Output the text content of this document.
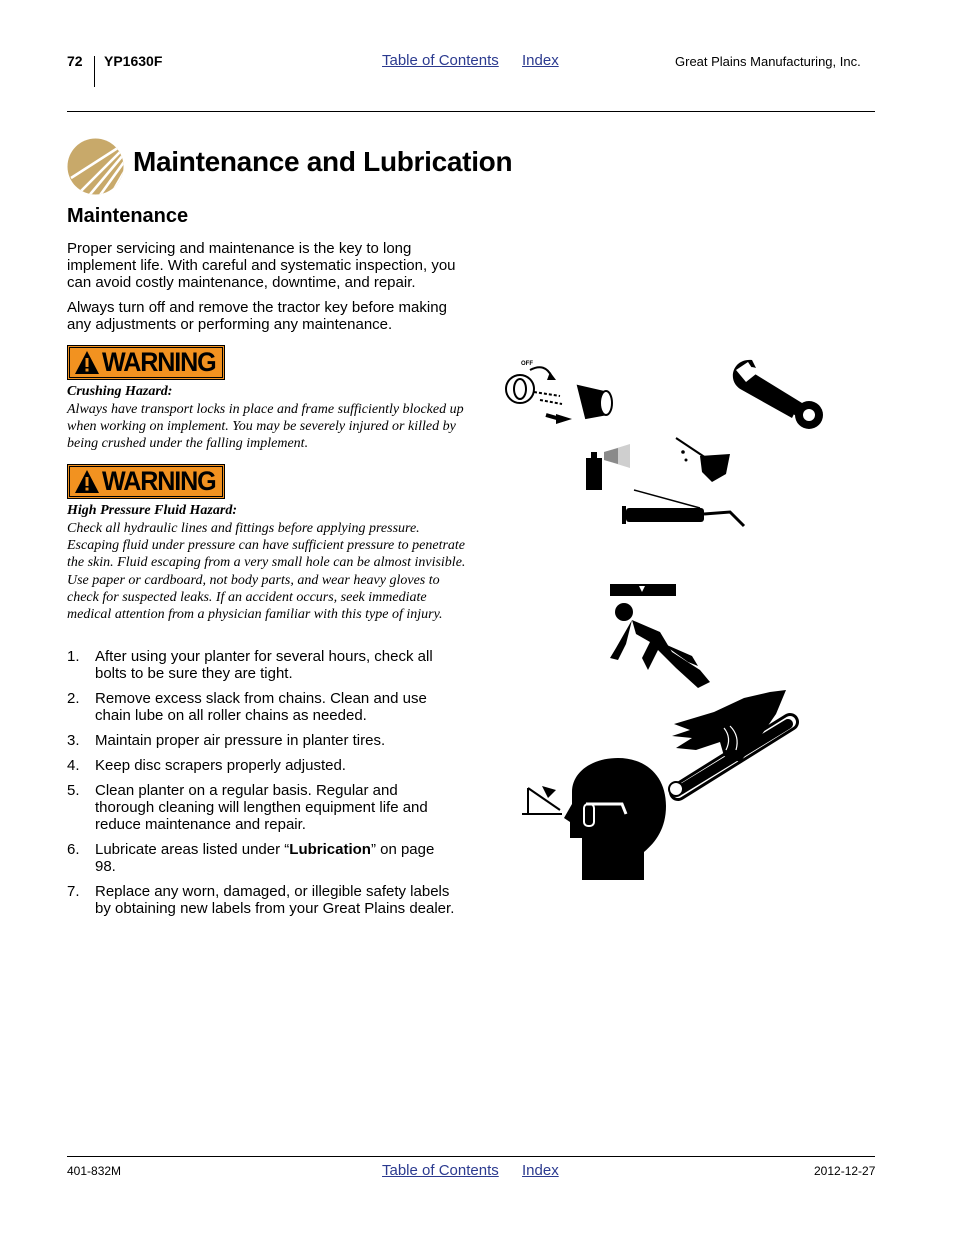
72 YP1630F	Table of Contents Index	Great Plains Manufacturing, Inc.
Maintenance and Lubrication
Maintenance
Proper servicing and maintenance is the key to long implement life. With careful and systematic inspection, you can avoid costly maintenance, downtime, and repair.
Always turn off and remove the tractor key before making any adjustments or performing any maintenance.
WARNING
Crushing Hazard:
Always have transport locks in place and frame sufficiently blocked up when working on implement. You may be severely injured or killed by being crushed under the falling implement.
WARNING
High Pressure Fluid Hazard:
Check all hydraulic lines and fittings before applying pressure. Escaping fluid under pressure can have sufficient pressure to penetrate the skin. Fluid escaping from a very small hole can be almost invisible. Use paper or cardboard, not body parts, and wear heavy gloves to check for suspected leaks. If an accident occurs, seek immediate medical attention from a physician familiar with this type of injury.
1. After using your planter for several hours, check all bolts to be sure they are tight.
2. Remove excess slack from chains. Clean and use chain lube on all roller chains as needed.
3. Maintain proper air pressure in planter tires.
4. Keep disc scrapers properly adjusted.
5. Clean planter on a regular basis. Regular and thorough cleaning will lengthen equipment life and reduce maintenance and repair.
6. Lubricate areas listed under “Lubrication” on page 98.
7. Replace any worn, damaged, or illegible safety labels by obtaining new labels from your Great Plains dealer.
OFF
401-832M	Table of Contents Index	2012-12-27
